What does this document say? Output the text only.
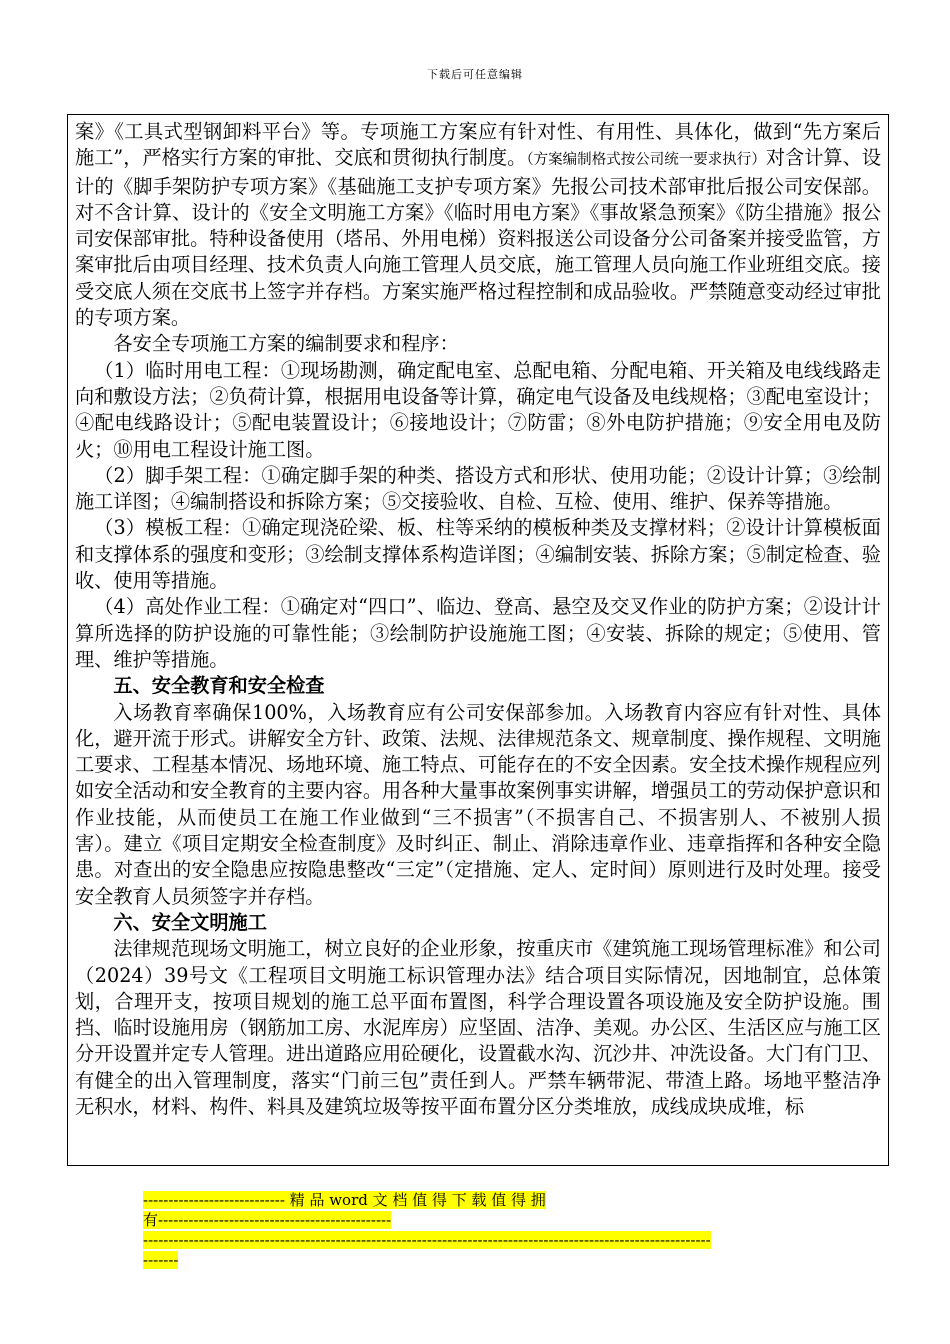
下载后可任意编辑

案》《工具式型钢卸料平台》等。专项施工方案应有针对性、有用性、具体化，做到“先方案后施工”，严格实行方案的审批、交底和贯彻执行制度。（方案编制格式按公司统一要求执行）对含计算、设计的《脚手架防护专项方案》《基础施工支护专项方案》先报公司技术部审批后报公司安保部。对不含计算、设计的《安全文明施工方案》《临时用电方案》《事故紧急预案》《防尘措施》报公司安保部审批。特种设备使用（塔吊、外用电梯）资料报送公司设备分公司备案并接受监管，方案审批后由项目经理、技术负责人向施工管理人员交底，施工管理人员向施工作业班组交底。接受交底人须在交底书上签字并存档。方案实施严格过程控制和成品验收。严禁随意变动经过审批的专项方案。

各安全专项施工方案的编制要求和程序：

（1）临时用电工程：①现场勘测，确定配电室、总配电箱、分配电箱、开关箱及电线线路走向和敷设方法；②负荷计算，根据用电设备等计算，确定电气设备及电线规格；③配电室设计；④配电线路设计；⑤配电装置设计；⑥接地设计；⑦防雷；⑧外电防护措施；⑨安全用电及防火；⑩用电工程设计施工图。

（2）脚手架工程：①确定脚手架的种类、搭设方式和形状、使用功能；②设计计算；③绘制施工详图；④编制搭设和拆除方案；⑤交接验收、自检、互检、使用、维护、保养等措施。

（3）模板工程：①确定现浇砼梁、板、柱等采纳的模板种类及支撑材料；②设计计算模板面和支撑体系的强度和变形；③绘制支撑体系构造详图；④编制安装、拆除方案；⑤制定检查、验收、使用等措施。

（4）高处作业工程：①确定对“四口”、临边、登高、悬空及交叉作业的防护方案；②设计计算所选择的防护设施的可靠性能；③绘制防护设施施工图；④安装、拆除的规定；⑤使用、管理、维护等措施。

五、安全教育和安全检查

入场教育率确保100%，入场教育应有公司安保部参加。入场教育内容应有针对性、具体化，避开流于形式。讲解安全方针、政策、法规、法律规范条文、规章制度、操作规程、文明施工要求、工程基本情况、场地环境、施工特点、可能存在的不安全因素。安全技术操作规程应列如安全活动和安全教育的主要内容。用各种大量事故案例事实讲解，增强员工的劳动保护意识和作业技能，从而使员工在施工作业做到“三不损害”（不损害自己、不损害别人、不被别人损害）。建立《项目定期安全检查制度》及时纠正、制止、消除违章作业、违章指挥和各种安全隐患。对查出的安全隐患应按隐患整改“三定”（定措施、定人、定时间）原则进行及时处理。接受安全教育人员须签字并存档。

六、安全文明施工

法律规范现场文明施工，树立良好的企业形象，按重庆市《建筑施工现场管理标准》和公司（2024）39号文《工程项目文明施工标识管理办法》结合项目实际情况，因地制宜，总体策划，合理开支，按项目规划的施工总平面布置图，科学合理设置各项设施及安全防护设施。围挡、临时设施用房（钢筋加工房、水泥库房）应坚固、洁净、美观。办公区、生活区应与施工区分开设置并定专人管理。进出道路应用砼硬化，设置截水沟、沉沙井、冲洗设备。大门有门卫、有健全的出入管理制度，落实“门前三包”责任到人。严禁车辆带泥、带渣上路。场地平整洁净无积水，材料、构件、料具及建筑垃圾等按平面布置分区分类堆放，成线成块成堆，标

---------------------------- 精 品 word 文 档 值 得 下 载 值 得 拥
有----------------------------------------------
----------------------------------------------------------------------------------------------------------------
-------
